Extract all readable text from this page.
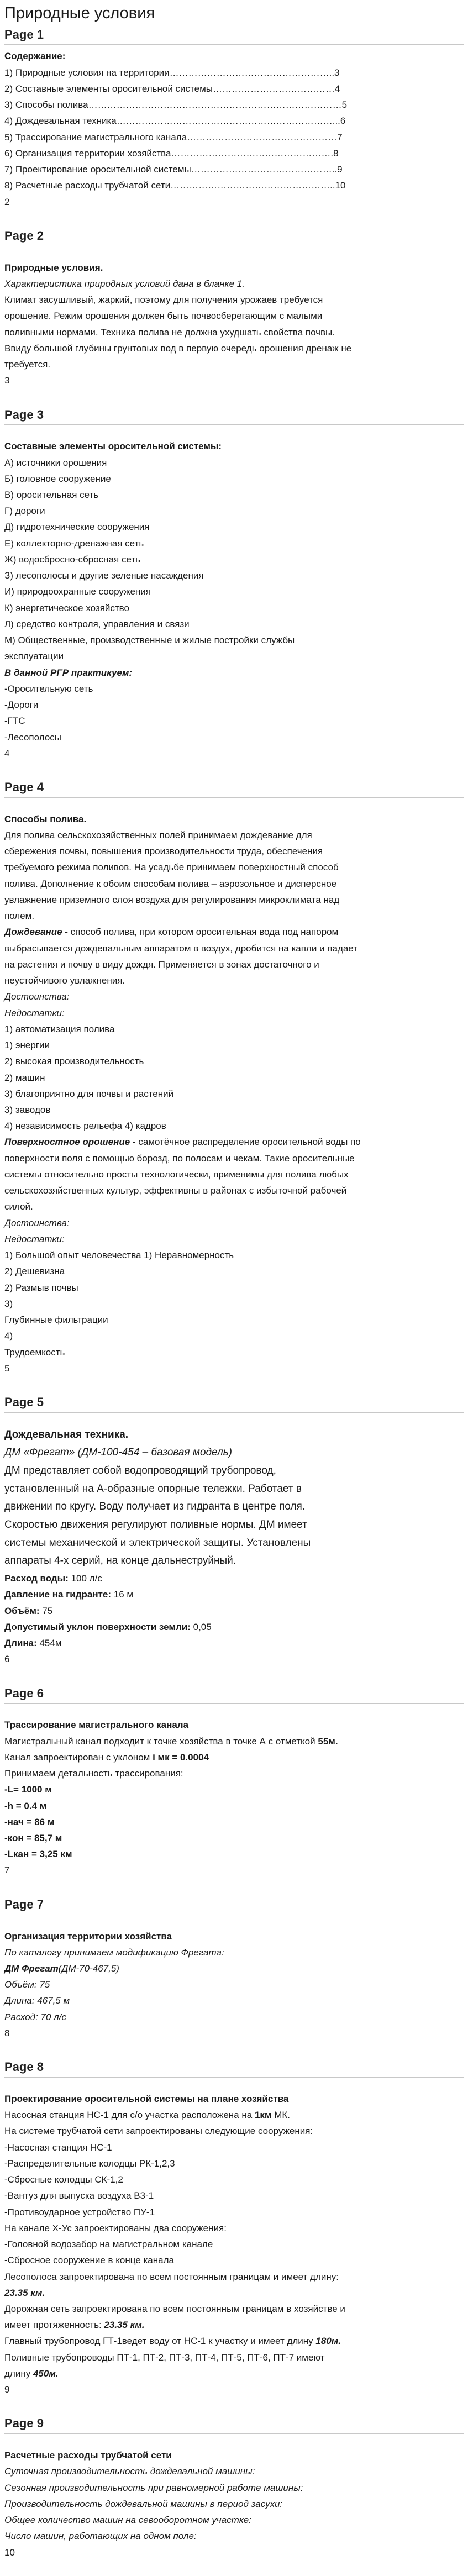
Природные условия
Page 1

Содержание:

1) Природные условия на территории……………………………………………..3

2) Составные элементы оросительной системы…………………………………4

3) Способы полива………………………………………………………………………5

4) Дождевальная техника……………………………………………………………...6

5) Трассирование магистрального канала…………………………………………7

6) Организация территории хозяйства…………………………………………….8

7) Проектирование оросительной системы………………………………………..9

8) Расчетные расходы трубчатой сети……………………………………………..10

2

Page 2

Природные условия.

Характеристика природных условий дана в бланке 1.

Климат засушливый, жаркий, поэтому для получения урожаев требуется

орошение. Режим орошения должен быть почвосберегающим с малыми

поливными нормами. Техника полива не должна ухудшать свойства почвы.

Ввиду большой глубины грунтовых вод в первую очередь орошения дренаж не

требуется.

3

Page 3

Составные элементы оросительной системы:

А) источники орошения

Б) головное сооружение

В) оросительная сеть

Г) дороги

Д) гидротехнические сооружения

Е) коллекторно-дренажная сеть

Ж) водосбросно-сбросная сеть

З) лесополосы и другие зеленые насаждения

И) природоохранные сооружения

К) энергетическое хозяйство

Л) средство контроля, управления и связи

М) Общественные, производственные и жилые постройки службы

эксплуатации

В данной РГР практикуем:

-Оросительную сеть

-Дороги

-ГТС

-Лесополосы

4

Page 4

Способы полива.

Для полива сельскохозяйственных полей принимаем дождевание для

сбережения почвы, повышения производительности труда, обеспечения

требуемого режима поливов. На усадьбе принимаем поверхностный способ

полива. Дополнение к обоим способам полива – аэрозольное и дисперсное

увлажнение приземного слоя воздуха для регулирования микроклимата над

полем.

Дождевание - способ полива, при котором оросительная вода под напором

выбрасывается дождевальным аппаратом в воздух, дробится на капли и падает

на растения и почву в виду дождя. Применяется в зонах достаточного и

неустойчивого увлажнения.

Достоинства:

Недостатки:

1) автоматизация полива

1) энергии

2) высокая производительность

2) машин

3) благоприятно для почвы и растений

3) заводов

4) независимость рельефа 4) кадров

Поверхностное орошение - самотёчное распределение оросительной воды по

поверхности поля с помощью борозд, по полосам и чекам. Такие оросительные

системы относительно просты технологически, применимы для полива любых

сельскохозяйственных культур, эффективны в районах с избыточной рабочей

силой.

Достоинства:

Недостатки:

1) Большой опыт человечества 1) Неравномерность

2) Дешевизна

2) Размыв почвы

3)

Глубинные фильтрации

4)

Трудоемкость

5

Page 5

Дождевальная техника.

ДМ «Фрегат» (ДМ-100-454 – базовая модель)

ДМ представляет собой водопроводящий трубопровод,

установленный на А-образные опорные тележки. Работает в

движении по кругу. Воду получает из гидранта в центре поля.

Скоростью движения регулируют поливные нормы. ДМ имеет

системы механической и электрической защиты. Установлены

аппараты 4-х серий, на конце дальнеструйный.

Расход воды: 100 л/с

Давление на гидранте: 16 м

Объём: 75

Допустимый уклон поверхности земли: 0,05

Длина: 454м

6

Page 6

Трассирование магистрального канала

Магистральный канал подходит к точке хозяйства в точке А с отметкой 55м.

Канал запроектирован с уклоном i мк = 0.0004

Принимаем детальность трассирования:

-L= 1000 м

-h = 0.4 м

-нач = 86 м

-кон = 85,7 м

-Lкан = 3,25 км

7

Page 7

Организация территории хозяйства

По каталогу принимаем модификацию Фрегата:

ДМ Фрегат(ДМ-70-467,5)

Объём: 75

Длина: 467,5 м

Расход: 70 л/с

8

Page 8

Проектирование оросительной системы на плане хозяйства

Насосная станция НС-1 для с/о участка расположена на 1км МК.

На системе трубчатой сети запроектированы следующие сооружения:

-Насосная станция НС-1

-Распределительные колодцы РК-1,2,3

-Сбросные колодцы СК-1,2

-Вантуз для выпуска воздуха В3-1

-Противоударное устройство ПУ-1

На канале Х-Ус запроектированы два сооружения:

-Головной водозабор на магистральном канале

-Сбросное сооружение в конце канала

Лесополоса запроектирована по всем постоянным границам и имеет длину:

23.35 км.

Дорожная сеть запроектирована по всем постоянным границам в хозяйстве и

имеет протяженность: 23.35 км.

Главный трубопровод ГТ-1ведет воду от НС-1 к участку и имеет длину 180м.

Поливные трубопроводы ПТ-1, ПТ-2, ПТ-3, ПТ-4, ПТ-5, ПТ-6, ПТ-7 имеют

длину 450м.

9

Page 9

Расчетные расходы трубчатой сети

Суточная производительность дождевальной машины:

Сезонная производительность при равномерной работе машины:

Производительность дождевальной машины в период засухи:

Общее количество машин на севооборотном участке:

Число машин, работающих на одном поле:

10
